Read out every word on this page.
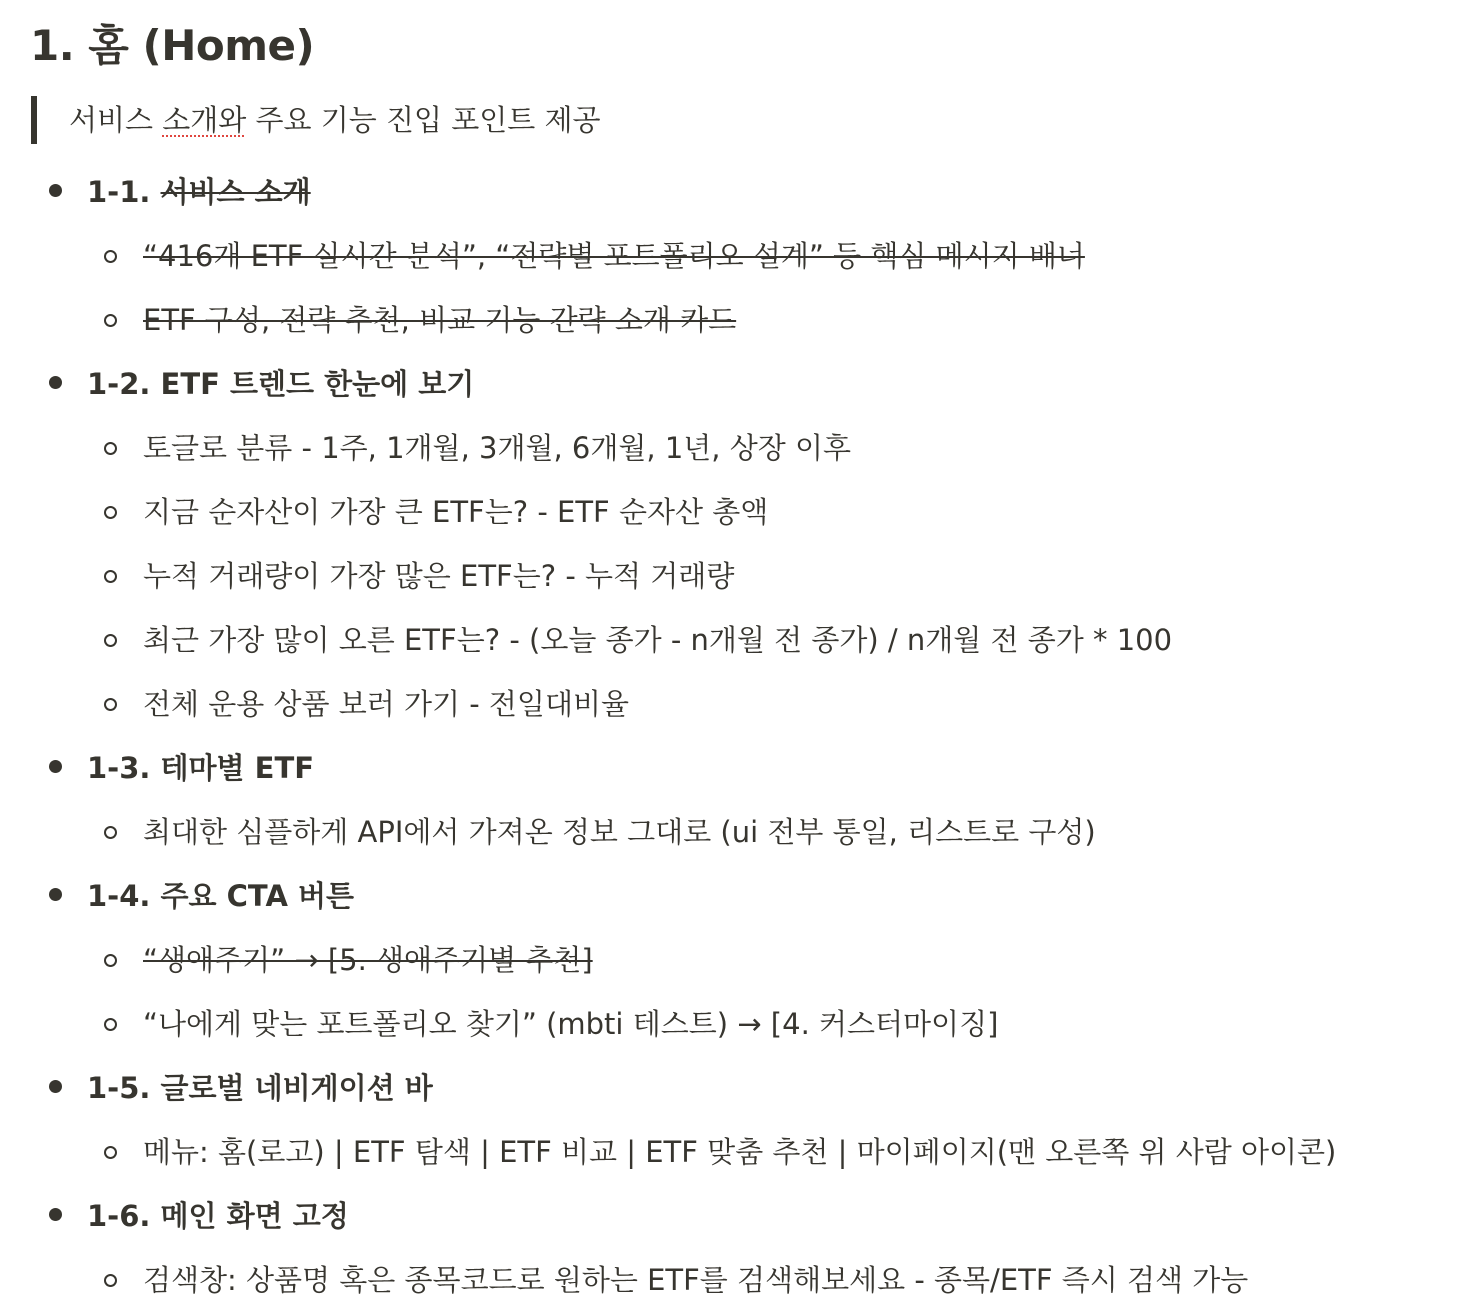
1. 홈 (Home)
서비스 소개와 주요 기능 진입 포인트 제공
1-1. 서비스 소개
“416개 ETF 실시간 분석”, “전략별 포트폴리오 설계” 등 핵심 메시지 배너
ETF 구성, 전략 추천, 비교 기능 간략 소개 카드
1-2. ETF 트렌드 한눈에 보기
토글로 분류 - 1주, 1개월, 3개월, 6개월, 1년, 상장 이후
지금 순자산이 가장 큰 ETF는? - ETF 순자산 총액
누적 거래량이 가장 많은 ETF는? - 누적 거래량
최근 가장 많이 오른 ETF는? - (오늘 종가 - n개월 전 종가) / n개월 전 종가 * 100
전체 운용 상품 보러 가기 - 전일대비율
1-3. 테마별 ETF
최대한 심플하게 API에서 가져온 정보 그대로 (ui 전부 통일, 리스트로 구성)
1-4. 주요 CTA 버튼
“생애주기” → [5. 생애주기별 추천]
“나에게 맞는 포트폴리오 찾기” (mbti 테스트) → [4. 커스터마이징]
1-5. 글로벌 네비게이션 바
메뉴: 홈(로고) | ETF 탐색 | ETF 비교 | ETF 맞춤 추천 | 마이페이지(맨 오른쪽 위 사람 아이콘)
1-6. 메인 화면 고정
검색창: 상품명 혹은 종목코드로 원하는 ETF를 검색해보세요 - 종목/ETF 즉시 검색 가능
